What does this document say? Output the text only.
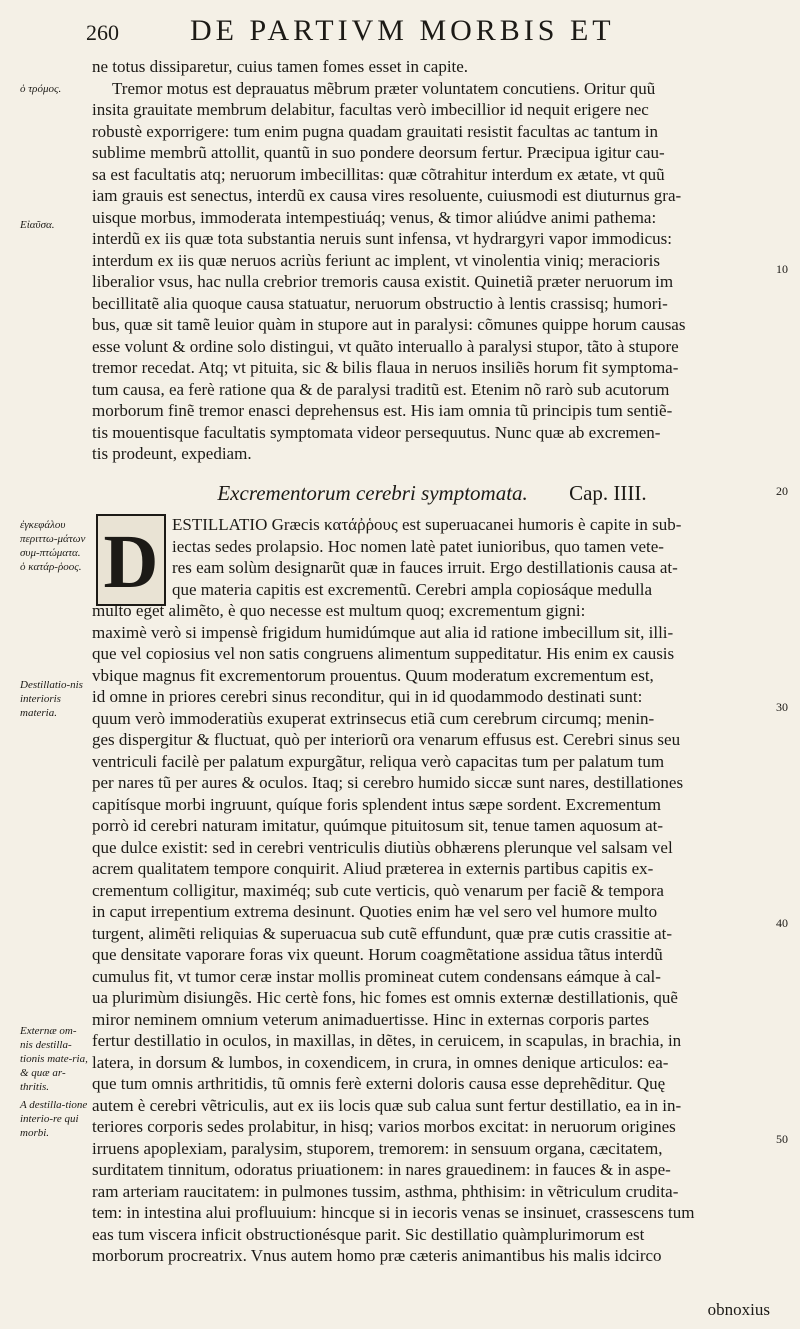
260 DE PARTIVM MORBIS ET
ὁ τρόμος.
Εἰαῦσα.
ἐγκεφάλου περιττω-μάτων συμ-πτώματα. ὁ κατάρ-ῥοος.
Destillatio-nis interioris materia.
Externæ om-nis destilla-tionis mate-ria, & quæ ar-thritis.
A destilla-tione interio-re qui morbi.
10
20
30
40
50
ne totus dissiparetur, cuius tamen fomes esset in capite.
Tremor motus est deprauatus mẽbrum præter voluntatem concutiens. Oritur quũ
insita grauitate membrum delabitur, facultas verò imbecillior id nequit erigere nec
robustè exporrigere: tum enim pugna quadam grauitati resistit facultas ac tantum in
sublime membrũ attollit, quantũ in suo pondere deorsum fertur. Præcipua igitur cau-
sa est facultatis atq; neruorum imbecillitas: quæ cõtrahitur interdum ex ætate, vt quũ
iam grauis est senectus, interdũ ex causa vires resoluente, cuiusmodi est diuturnus gra-
uisque morbus, immoderata intempestiuáq; venus, & timor aliúdve animi pathema:
interdũ ex iis quæ tota substantia neruis sunt infensa, vt hydrargyri vapor immodicus:
interdum ex iis quæ neruos acriùs feriunt ac implent, vt vinolentia viniq; meracioris
liberalior vsus, hac nulla crebrior tremoris causa existit. Quinetiã præter neruorum im
becillitatẽ alia quoque causa statuatur, neruorum obstructio à lentis crassisq; humori-
bus, quæ sit tamẽ leuior quàm in stupore aut in paralysi: cõmunes quippe horum causas
esse volunt & ordine solo distingui, vt quãto interuallo à paralysi stupor, tãto à stupore
tremor recedat. Atq; vt pituita, sic & bilis flaua in neruos insiliẽs horum fit symptoma-
tum causa, ea ferè ratione qua & de paralysi traditũ est. Etenim nõ rarò sub acutorum
morborum finẽ tremor enasci deprehensus est. His iam omnia tũ principis tum sentiẽ-
tis mouentisque facultatis symptomata videor persequutus. Nunc quæ ab excremen-
tis prodeunt, expediam.
Excrementorum cerebri symptomata. Cap. IIII.
D ESTILLATIO Græcis κατάῤῥους est superuacanei humoris è capite in sub-
iectas sedes prolapsio. Hoc nomen latè patet iunioribus, quo tamen vete-
res eam solùm designarũt quæ in fauces irruit. Ergo destillationis causa at-
que materia capitis est excrementũ. Cerebri ampla copiosáque medulla
multo eget alimẽto, è quo necesse est multum quoq; excrementum gigni:
maximè verò si impensè frigidum humidúmque aut alia id ratione imbecillum sit, illi-
que vel copiosius vel non satis congruens alimentum suppeditatur. His enim ex causis
vbique magnus fit excrementorum prouentus. Quum moderatum excrementum est,
id omne in priores cerebri sinus reconditur, qui in id quodammodo destinati sunt:
quum verò immoderatiùs exuperat extrinsecus etiã cum cerebrum circumq; menin-
ges dispergitur & fluctuat, quò per interiorũ ora venarum effusus est. Cerebri sinus seu
ventriculi facilè per palatum expurgãtur, reliqua verò capacitas tum per palatum tum
per nares tũ per aures & oculos. Itaq; si cerebro humido siccæ sunt nares, destillationes
capitísque morbi ingruunt, quíque foris splendent intus sæpe sordent. Excrementum
porrò id cerebri naturam imitatur, quúmque pituitosum sit, tenue tamen aquosum at-
que dulce existit: sed in cerebri ventriculis diutiùs obhærens plerunque vel salsam vel
acrem qualitatem tempore conquirit. Aliud præterea in externis partibus capitis ex-
crementum colligitur, maximéq; sub cute verticis, quò venarum per faciẽ & tempora
in caput irrepentium extrema desinunt. Quoties enim hæ vel sero vel humore multo
turgent, alimẽti reliquias & superuacua sub cutẽ effundunt, quæ præ cutis crassitie at-
que densitate vaporare foras vix queunt. Horum coagmẽtatione assidua tãtus interdũ
cumulus fit, vt tumor ceræ instar mollis promineat cutem condensans eámque à cal-
ua plurimùm disiungẽs. Hic certè fons, hic fomes est omnis externæ destillationis, quẽ
miror neminem omnium veterum animaduertisse. Hinc in externas corporis partes
fertur destillatio in oculos, in maxillas, in dẽtes, in ceruicem, in scapulas, in brachia, in
latera, in dorsum & lumbos, in coxendicem, in crura, in omnes denique articulos: ea-
que tum omnis arthritidis, tũ omnis ferè externi doloris causa esse deprehẽditur. Quę
autem è cerebri vẽtriculis, aut ex iis locis quæ sub calua sunt fertur destillatio, ea in in-
teriores corporis sedes prolabitur, in hisq; varios morbos excitat: in neruorum origines
irruens apoplexiam, paralysim, stuporem, tremorem: in sensuum organa, cæcitatem,
surditatem tinnitum, odoratus priuationem: in nares grauedinem: in fauces & in aspe-
ram arteriam raucitatem: in pulmones tussim, asthma, phthisim: in vẽtriculum crudita-
tem: in intestina alui profluuium: hincque si in iecoris venas se insinuet, crassescens tum
eas tum viscera inficit obstructionésque parit. Sic destillatio quàmplurimorum est
morborum procreatrix. Vnus autem homo præ cæteris animantibus his malis idcirco
obnoxius
